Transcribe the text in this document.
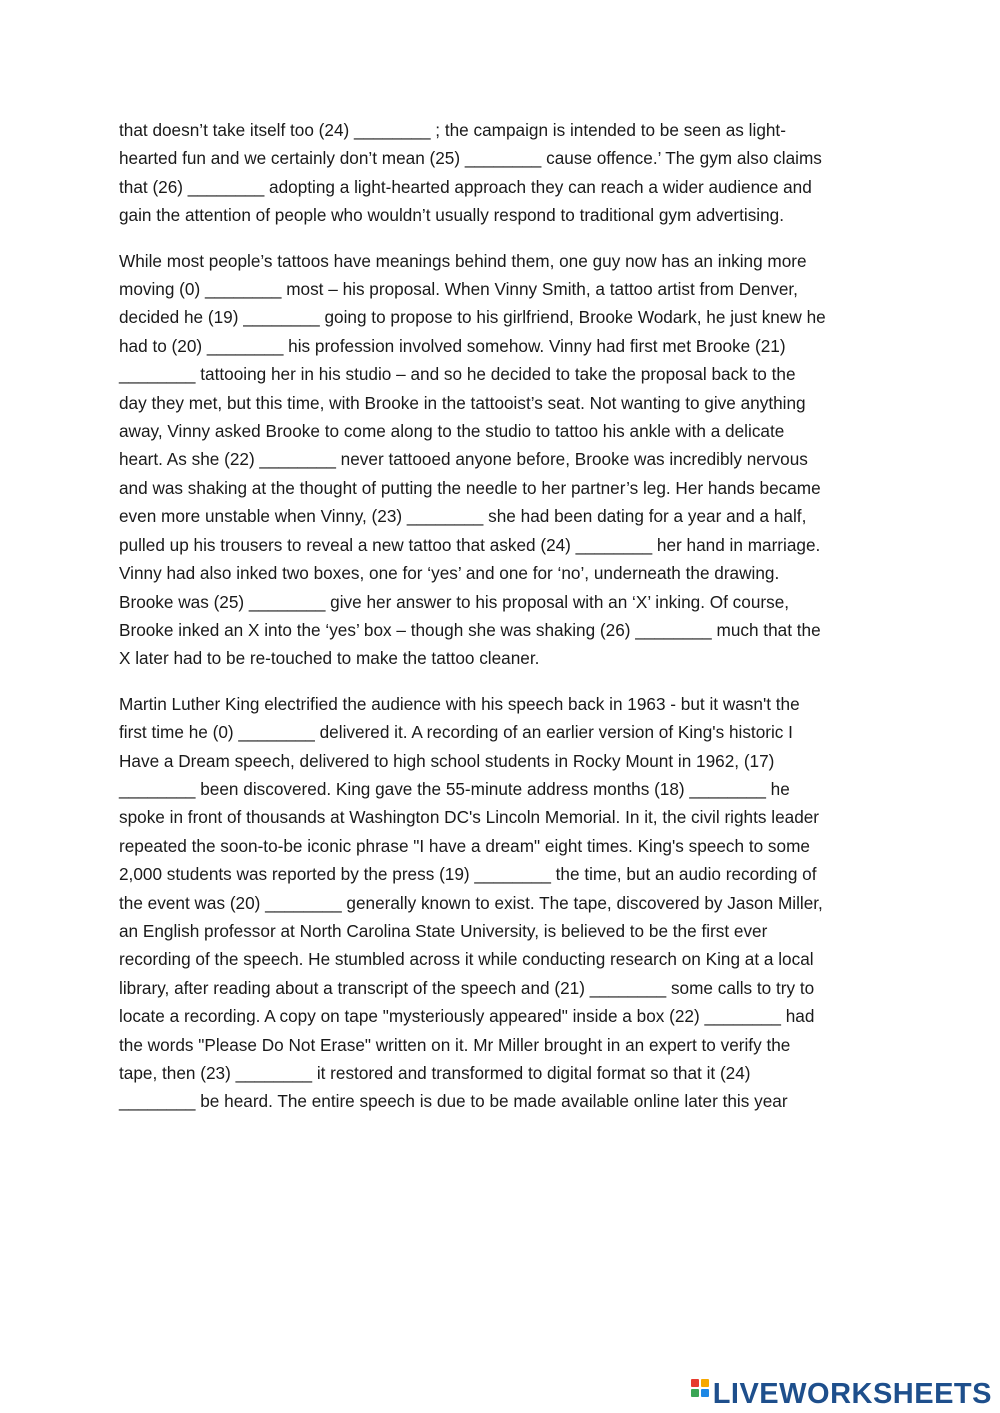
that doesn’t take itself too (24) ________ ; the campaign is intended to be seen as light-
hearted fun and we certainly don’t mean (25) ________ cause offence.’ The gym also claims
that (26) ________ adopting a light-hearted approach they can reach a wider audience and
gain the attention of people who wouldn’t usually respond to traditional gym advertising.
While most people’s tattoos have meanings behind them, one guy now has an inking more
moving (0) ________ most – his proposal. When Vinny Smith, a tattoo artist from Denver,
decided he (19) ________ going to propose to his girlfriend, Brooke Wodark, he just knew he
had to (20) ________ his profession involved somehow. Vinny had first met Brooke (21)
________ tattooing her in his studio – and so he decided to take the proposal back to the
day they met, but this time, with Brooke in the tattooist’s seat. Not wanting to give anything
away, Vinny asked Brooke to come along to the studio to tattoo his ankle with a delicate
heart. As she (22) ________ never tattooed anyone before, Brooke was incredibly nervous
and was shaking at the thought of putting the needle to her partner’s leg. Her hands became
even more unstable when Vinny, (23) ________ she had been dating for a year and a half,
pulled up his trousers to reveal a new tattoo that asked (24) ________ her hand in marriage.
Vinny had also inked two boxes, one for ‘yes’ and one for ‘no’, underneath the drawing.
Brooke was (25) ________ give her answer to his proposal with an ‘X’ inking. Of course,
Brooke inked an X into the ‘yes’ box – though she was shaking (26) ________ much that the
X later had to be re-touched to make the tattoo cleaner.
Martin Luther King electrified the audience with his speech back in 1963 - but it wasn't the
first time he (0) ________ delivered it. A recording of an earlier version of King's historic I
Have a Dream speech, delivered to high school students in Rocky Mount in 1962, (17)
________ been discovered. King gave the 55-minute address months (18) ________ he
spoke in front of thousands at Washington DC's Lincoln Memorial. In it, the civil rights leader
repeated the soon-to-be iconic phrase "I have a dream" eight times. King's speech to some
2,000 students was reported by the press (19) ________ the time, but an audio recording of
the event was (20) ________ generally known to exist. The tape, discovered by Jason Miller,
an English professor at North Carolina State University, is believed to be the first ever
recording of the speech. He stumbled across it while conducting research on King at a local
library, after reading about a transcript of the speech and (21) ________ some calls to try to
locate a recording. A copy on tape "mysteriously appeared" inside a box (22) ________ had
the words "Please Do Not Erase" written on it. Mr Miller brought in an expert to verify the
tape, then (23) ________ it restored and transformed to digital format so that it (24)
________ be heard. The entire speech is due to be made available online later this year
LIVEWORKSHEETS
